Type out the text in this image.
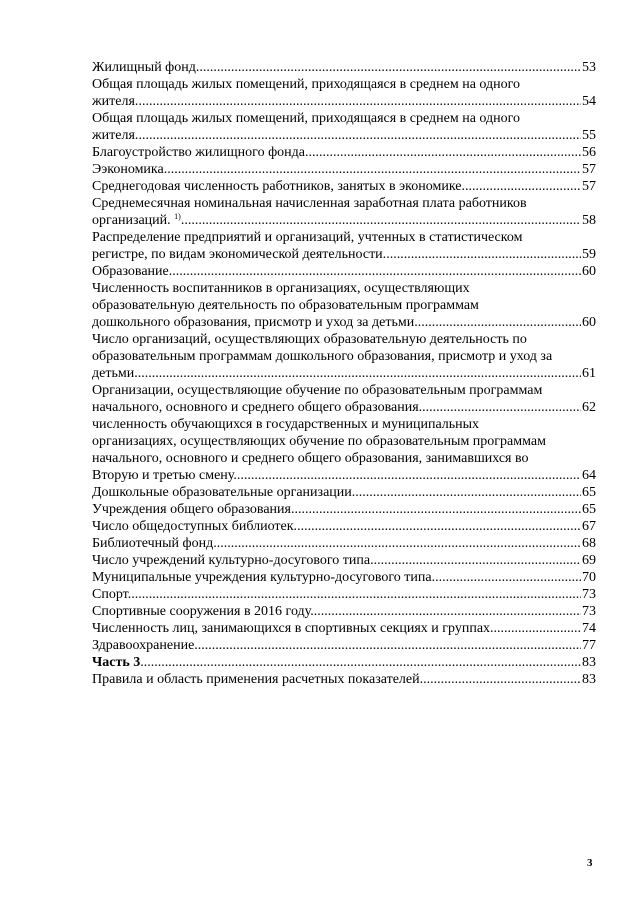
Жилищный фонд. .....	53
Общая площадь жилых помещений, приходящаяся в среднем на одного
жителя. .....	54
Общая площадь жилых помещений, приходящаяся в среднем на одного
жителя. .....	55
Благоустройство жилищного фонда. .....	56
Ээкономика. .....	57
Среднегодовая численность работников, занятых в экономике. .....	57
Среднемесячная номинальная начисленная заработная плата работников
организаций. $^{1)}$ .....	58
Распределение предприятий и организаций, учтенных в статистическом
регистре, по видам экономической деятельности. .....	59
Образование. .....	60
Численность воспитанников в организациях, осуществляющих
образовательную деятельность по образовательным программам
дошкольного образования, присмотр и уход за детьми. .....	60
Число организаций, осуществляющих образовательную деятельность по
образовательным программам дошкольного образования, присмотр и уход за
детьми. .....	61
Организации, осуществляющие обучение по образовательным программам
начального, основного и среднего общего образования. .....	62
численность обучающихся в государственных и муниципальных
организациях, осуществляющих обучение по образовательным программам
начального, основного и среднего общего образования, занимавшихся во
Вторую и третью смену. .....	64
Дошкольные образовательные организации. .....	65
Учреждения общего образования. .....	65
Число общедоступных библиотек. .....	67
Библиотечный фонд. .....	68
Число учреждений культурно-досугового типа. .....	69
Муниципальные учреждения культурно-досугового типа. .....	70
Спорт. .....	73
Спортивные сооружения в 2016 году. .....	73
Численность лиц, занимающихся в спортивных секциях и группах. .....	74
Здравоохранение. .....	77
Часть 3. .....	83
Правила и область применения расчетных показателей. .....	83
3
